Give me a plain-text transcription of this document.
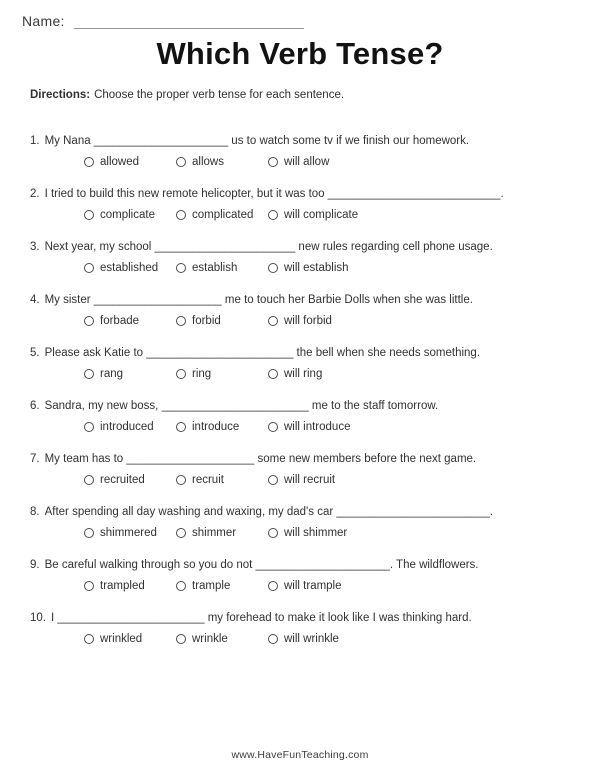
Name:
Which Verb Tense?

Directions: Choose the proper verb tense for each sentence.

1. My Nana _____________________ us to watch some tv if we finish our homework.
allowed	allows	will allow
2. I tried to build this new remote helicopter, but it was too ___________________________.
complicate	complicated	will complicate
3. Next year, my school ______________________ new rules regarding cell phone usage.
established	establish	will establish
4. My sister ____________________ me to touch her Barbie Dolls when she was little.
forbade	forbid	will forbid
5. Please ask Katie to _______________________ the bell when she needs something.
rang	ring	will ring
6. Sandra, my new boss, _______________________ me to the staff tomorrow.
introduced	introduce	will introduce
7. My team has to ____________________ some new members before the next game.
recruited	recruit	will recruit
8. After spending all day washing and waxing, my dad's car ________________________.
shimmered	shimmer	will shimmer
9. Be careful walking through so you do not _____________________. The wildflowers.
trampled	trample	will trample
10. I _______________________ my forehead to make it look like I was thinking hard.
wrinkled	wrinkle	will wrinkle
www.HaveFunTeaching.com
